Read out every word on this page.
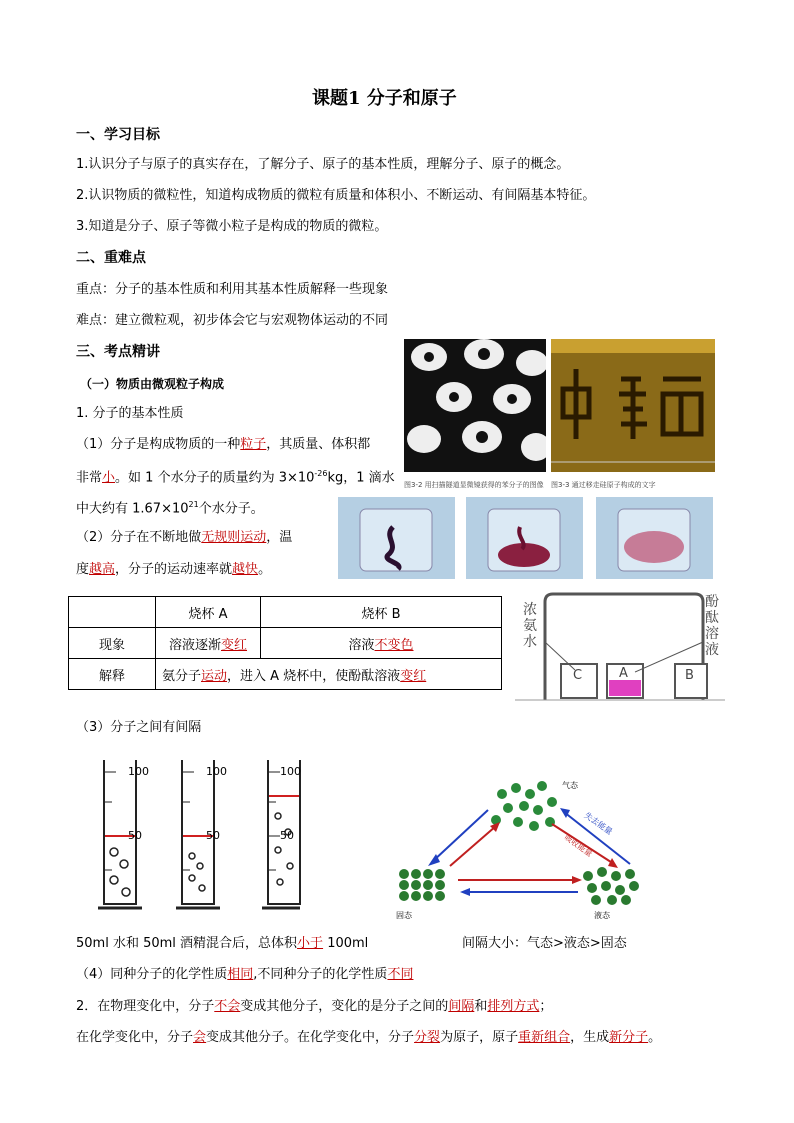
课题1 分子和原子
一、学习目标
1.认识分子与原子的真实存在，了解分子、原子的基本性质，理解分子、原子的概念。
2.认识物质的微粒性，知道构成物质的微粒有质量和体积小、不断运动、有间隔基本特征。
3.知道是分子、原子等微小粒子是构成的物质的微粒。
二、重难点
重点：分子的基本性质和利用其基本性质解释一些现象
难点：建立微粒观，初步体会它与宏观物体运动的不同
三、考点精讲
（一）物质由微观粒子构成
1. 分子的基本性质
（1）分子是构成物质的一种粒子，其质量、体积都
非常小。如 1 个水分子的质量约为 $3\times 10^{-26}kg$，1 滴水
中大约有 $1.67\times 10^{21}$个水分子。
（2）分子在不断地做无规则运动，温
度越高，分子的运动速率就越快。
图3-2 用扫描隧道显微镜获得的苯分子的图像 图3-3 通过移走硅原子构成的文字
	烧杯 A	烧杯 B
现象	溶液逐渐变红	溶液不变色
解释	氨分子运动，进入 A 烧杯中，使酚酞溶液变红	
浓氨水
酚酞溶液
C	A	B
（3）分子之间有间隔
100
50
100
50
100
50
气态
固态	液态
失去能量
吸收能量
50ml 水和 50ml 酒精混合后，总体积小于 100ml	间隔大小：气态>液态>固态
（4）同种分子的化学性质相同,不同种分子的化学性质不同
2．在物理变化中，分子不会变成其他分子，变化的是分子之间的间隔和排列方式；
在化学变化中，分子会变成其他分子。在化学变化中，分子分裂为原子，原子重新组合，生成新分子。
